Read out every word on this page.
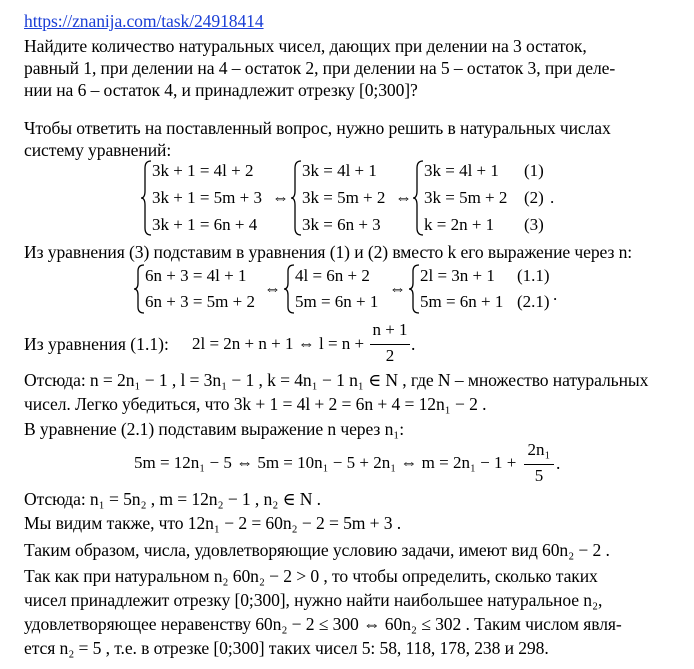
https://znanija.com/task/24918414
Найдите количество натуральных чисел, дающих при делении на 3 остаток,
равный 1, при делении на 4 – остаток 2, при делении на 5 – остаток 3, при деле-
нии на 6 – остаток 4, и принадлежит отрезку [0;300]?
Чтобы ответить на поставленный вопрос, нужно решить в натуральных числах
систему уравнений:
3k + 1 = 4l + 2
3k + 1 = 5m + 3
3k + 1 = 6n + 4
⇔
3k = 4l + 1
3k = 5m + 2
3k = 6n + 3
⇔
3k = 4l + 1
3k = 5m + 2
k = 2n + 1
(1)
(2)
(3)
.
Из уравнения (3) подставим в уравнения (1) и (2) вместо k его выражение через n:
6n + 3 = 4l + 1
6n + 3 = 5m + 2
⇔
4l = 6n + 2
5m = 6n + 1
⇔
2l = 3n + 1
5m = 6n + 1
(1.1)
(2.1) .
Из уравнения (1.1): 2l = 2n + n + 1 ⇔ l = n +
n + 1
2
.
Отсюда: n = 2n₁ − 1 , l = 3n₁ − 1 , k = 4n₁ − 1 n₁ ∈ N , где N – множество натуральных
чисел. Легко убедиться, что 3k + 1 = 4l + 2 = 6n + 4 = 12n₁ − 2 .
В уравнение (2.1) подставим выражение n через n₁:
5m = 12n₁ − 5 ⇔ 5m = 10n₁ − 5 + 2n₁ ⇔ m = 2n₁ − 1 +
2n₁
5
.
Отсюда: n₁ = 5n₂ , m = 12n₂ − 1 , n₂ ∈ N .
Мы видим также, что 12n₁ − 2 = 60n₂ − 2 = 5m + 3 .
Таким образом, числа, удовлетворяющие условию задачи, имеют вид 60n₂ − 2 .
Так как при натуральном n₂ 60n₂ − 2 > 0 , то чтобы определить, сколько таких
чисел принадлежит отрезку [0;300], нужно найти наибольшее натуральное n₂,
удовлетворяющее неравенству 60n₂ − 2 ≤ 300 ⇔ 60n₂ ≤ 302 . Таким числом явля-
ется n₂ = 5 , т.е. в отрезке [0;300] таких чисел 5: 58, 118, 178, 238 и 298.
